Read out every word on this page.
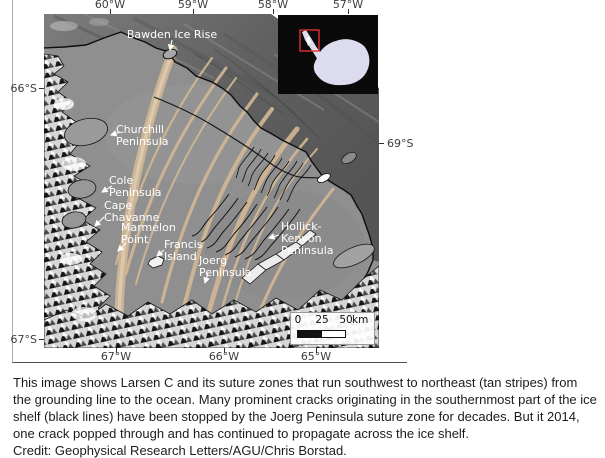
Bawden Ice Rise
Churchill
Peninsula
Cole
Peninsula
Cape
Chavanne
Marmelon
Point	Francis
Island Joerg
Peninsula
Hollick-
Kenyon
Peninsula
60°W	59°W	58°W	57°W
66°S
67°S
69°S
67°W	66°W	65°W
0 25 50 km
This image shows Larsen C and its suture zones that run southwest to northeast (tan stripes) from the grounding line to the ocean. Many prominent cracks originating in the southernmost part of the ice shelf (black lines) have been stopped by the Joerg Peninsula suture zone for decades. But it 2014, one crack popped through and has continued to propagate across the ice shelf.
Credit: Geophysical Research Letters/AGU/Chris Borstad.
